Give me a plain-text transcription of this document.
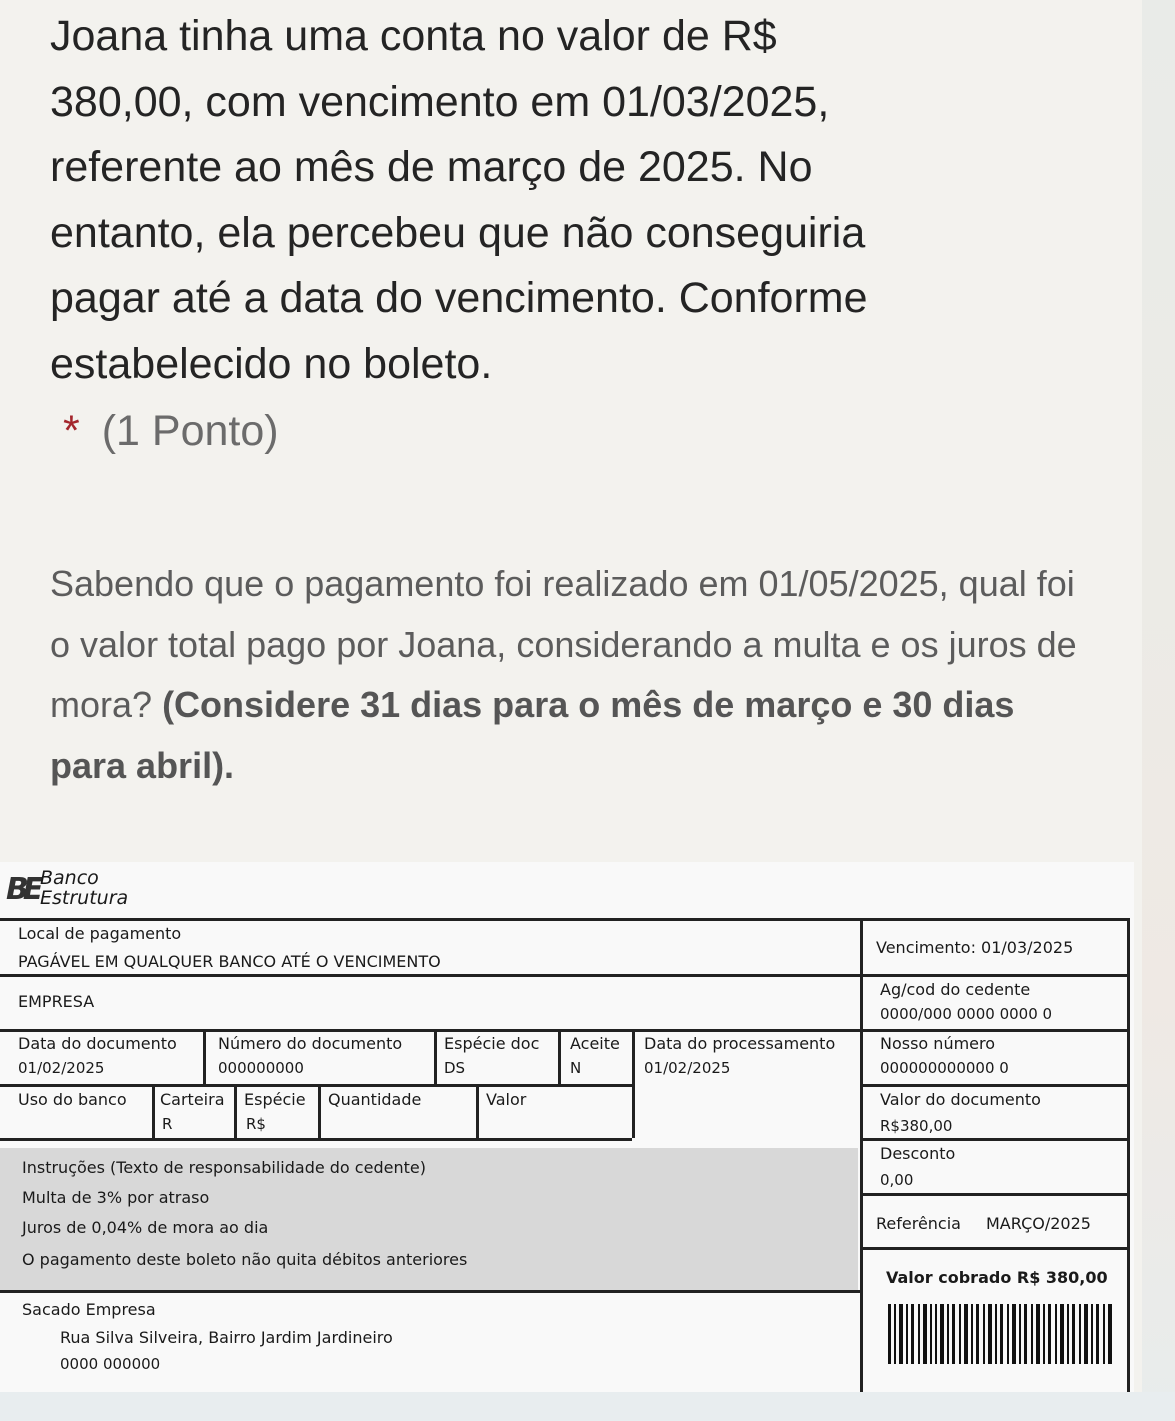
Joana tinha uma conta no valor de R$
380,00, com vencimento em 01/03/2025,
referente ao mês de março de 2025. No
entanto, ela percebeu que não conseguiria
pagar até a data do vencimento. Conforme
estabelecido no boleto.
* (1 Ponto)

Sabendo que o pagamento foi realizado em 01/05/2025, qual foi o valor total pago por Joana, considerando a multa e os juros de mora? (Considere 31 dias para o mês de março e 30 dias para abril).

BE Banco
Estrutura
Local de pagamento
PAGÁVEL EM QUALQUER BANCO ATÉ O VENCIMENTO
Vencimento: 01/03/2025
EMPRESA
Ag/cod do cedente
0000/000 0000 0000 0
Data do documento
01/02/2025
Número do documento
000000000
Espécie doc
DS
Aceite
N
Data do processamento
01/02/2025
Nosso número
000000000000 0
Uso do banco Carteira
R
Espécie
R$
Quantidade	Valor	Valor do documento
R$380,00
Instruções (Texto de responsabilidade do cedente)
Multa de 3% por atraso
Juros de 0,04% de mora ao dia
O pagamento deste boleto não quita débitos anteriores
Desconto
0,00
Referência MARÇO/2025
Valor cobrado R$ 380,00
Sacado Empresa
Rua Silva Silveira, Bairro Jardim Jardineiro
0000 000000
